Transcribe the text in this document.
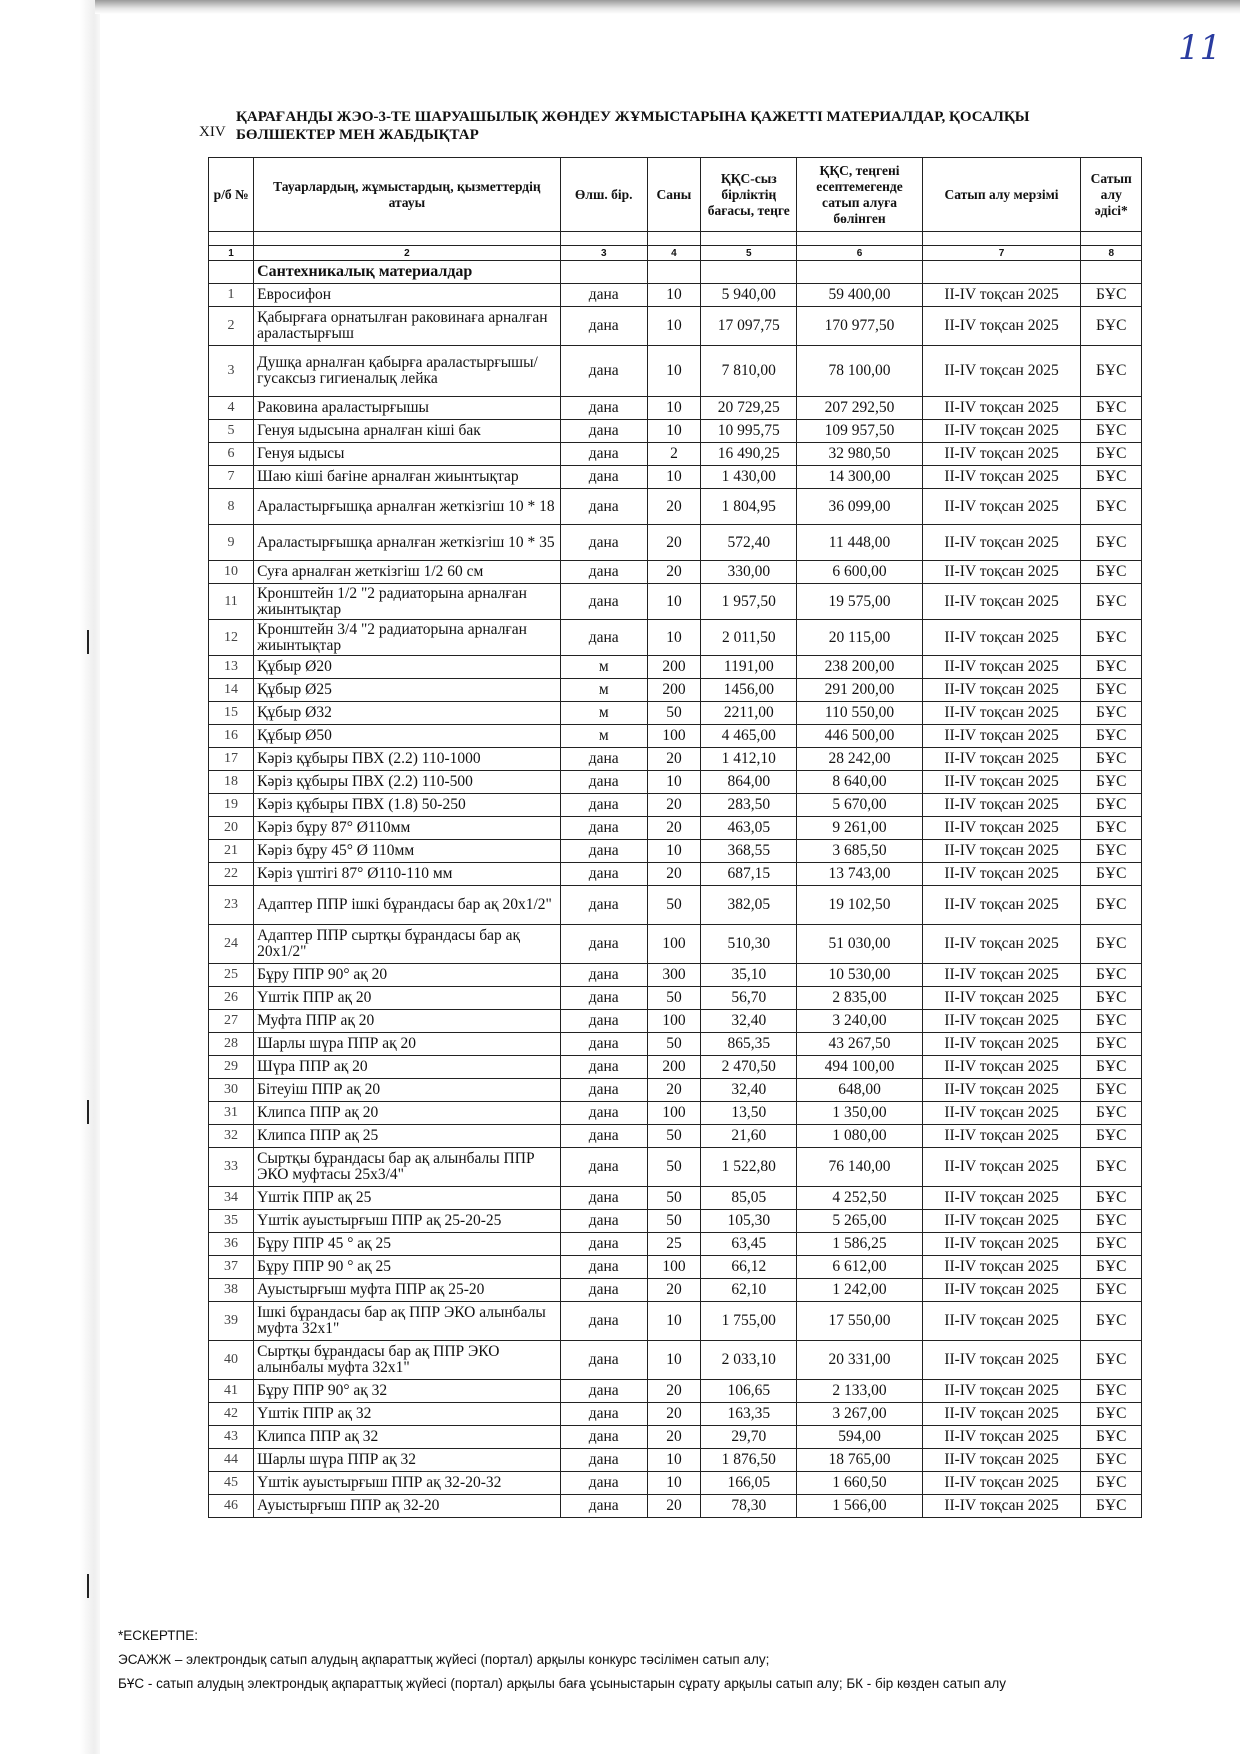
11
XIV
ҚАРАҒАНДЫ ЖЭО-3-ТЕ ШАРУАШЫЛЫҚ ЖӨНДЕУ ЖҰМЫСТАРЫНА ҚАЖЕТТІ МАТЕРИАЛДАР, ҚОСАЛҚЫ
БӨЛШЕКТЕР МЕН ЖАБДЫҚТАР
р/б №	Тауарлардың, жұмыстардың, қызметтердің атауы	Өлш. бір.	Саны	ҚҚС-сыз бірліктің бағасы, теңге	ҚҚС, теңгені есептемегенде сатып алуға бөлінген	Сатып алу мерзімі	Сатып алу әдісі*

1	2	3	4	5	6	7	8
	Сантехникалық материалдар						
1	Евросифон	дана	10	5 940,00	59 400,00	II-IV тоқсан 2025	БҰС
2	Қабырғаға орнатылған раковинаға арналған араластырғыш	дана	10	17 097,75	170 977,50	II-IV тоқсан 2025	БҰС
3	Душқа арналған қабырға араластырғышы/гусаксыз гигиеналық лейка	дана	10	7 810,00	78 100,00	II-IV тоқсан 2025	БҰС
4	Раковина араластырғышы	дана	10	20 729,25	207 292,50	II-IV тоқсан 2025	БҰС
5	Генуя ыдысына арналған кіші бак	дана	10	10 995,75	109 957,50	II-IV тоқсан 2025	БҰС
6	Генуя ыдысы	дана	2	16 490,25	32 980,50	II-IV тоқсан 2025	БҰС
7	Шаю кіші бағіне арналған жиынтықтар	дана	10	1 430,00	14 300,00	II-IV тоқсан 2025	БҰС
8	Араластырғышқа арналған жеткізгіш 10 * 18	дана	20	1 804,95	36 099,00	II-IV тоқсан 2025	БҰС
9	Араластырғышқа арналған жеткізгіш 10 * 35	дана	20	572,40	11 448,00	II-IV тоқсан 2025	БҰС
10	Суға арналған жеткізгіш 1/2 60 см	дана	20	330,00	6 600,00	II-IV тоқсан 2025	БҰС
11	Кронштейн 1/2 "2 радиаторына арналған жиынтықтар	дана	10	1 957,50	19 575,00	II-IV тоқсан 2025	БҰС
12	Кронштейн 3/4 "2 радиаторына арналған жиынтықтар	дана	10	2 011,50	20 115,00	II-IV тоқсан 2025	БҰС
13	Құбыр Ø20	м	200	1191,00	238 200,00	II-IV тоқсан 2025	БҰС
14	Құбыр Ø25	м	200	1456,00	291 200,00	II-IV тоқсан 2025	БҰС
15	Құбыр Ø32	м	50	2211,00	110 550,00	II-IV тоқсан 2025	БҰС
16	Құбыр Ø50	м	100	4 465,00	446 500,00	II-IV тоқсан 2025	БҰС
17	Кәріз құбыры ПВХ (2.2) 110-1000	дана	20	1 412,10	28 242,00	II-IV тоқсан 2025	БҰС
18	Кәріз құбыры ПВХ (2.2) 110-500	дана	10	864,00	8 640,00	II-IV тоқсан 2025	БҰС
19	Кәріз құбыры ПВХ (1.8) 50-250	дана	20	283,50	5 670,00	II-IV тоқсан 2025	БҰС
20	Кәріз бұру 87° Ø110мм	дана	20	463,05	9 261,00	II-IV тоқсан 2025	БҰС
21	Кәріз бұру 45° Ø 110мм	дана	10	368,55	3 685,50	II-IV тоқсан 2025	БҰС
22	Кәріз үштігі 87° Ø110-110 мм	дана	20	687,15	13 743,00	II-IV тоқсан 2025	БҰС
23	Адаптер ППР ішкі бұрандасы бар ақ 20х1/2"	дана	50	382,05	19 102,50	II-IV тоқсан 2025	БҰС
24	Адаптер ППР сыртқы бұрандасы бар ақ 20х1/2"	дана	100	510,30	51 030,00	II-IV тоқсан 2025	БҰС
25	Бұру ППР 90° ақ 20	дана	300	35,10	10 530,00	II-IV тоқсан 2025	БҰС
26	Үштік ППР ақ 20	дана	50	56,70	2 835,00	II-IV тоқсан 2025	БҰС
27	Муфта ППР ақ 20	дана	100	32,40	3 240,00	II-IV тоқсан 2025	БҰС
28	Шарлы шүра ППР ақ 20	дана	50	865,35	43 267,50	II-IV тоқсан 2025	БҰС
29	Шүра ППР ақ 20	дана	200	2 470,50	494 100,00	II-IV тоқсан 2025	БҰС
30	Бітеуіш ППР ақ 20	дана	20	32,40	648,00	II-IV тоқсан 2025	БҰС
31	Клипса ППР ақ 20	дана	100	13,50	1 350,00	II-IV тоқсан 2025	БҰС
32	Клипса ППР ақ 25	дана	50	21,60	1 080,00	II-IV тоқсан 2025	БҰС
33	Сыртқы бұрандасы бар ақ алынбалы ППР ЭКО муфтасы 25х3/4"	дана	50	1 522,80	76 140,00	II-IV тоқсан 2025	БҰС
34	Үштік ППР ақ 25	дана	50	85,05	4 252,50	II-IV тоқсан 2025	БҰС
35	Үштік ауыстырғыш ППР ақ 25-20-25	дана	50	105,30	5 265,00	II-IV тоқсан 2025	БҰС
36	Бұру ППР 45 ° ақ 25	дана	25	63,45	1 586,25	II-IV тоқсан 2025	БҰС
37	Бұру ППР 90 ° ақ 25	дана	100	66,12	6 612,00	II-IV тоқсан 2025	БҰС
38	Ауыстырғыш муфта ППР ақ 25-20	дана	20	62,10	1 242,00	II-IV тоқсан 2025	БҰС
39	Ішкі бұрандасы бар ақ ППР ЭКО алынбалы муфта 32х1"	дана	10	1 755,00	17 550,00	II-IV тоқсан 2025	БҰС
40	Сыртқы бұрандасы бар ақ ППР ЭКО алынбалы муфта 32х1"	дана	10	2 033,10	20 331,00	II-IV тоқсан 2025	БҰС
41	Бұру ППР 90° ақ 32	дана	20	106,65	2 133,00	II-IV тоқсан 2025	БҰС
42	Үштік ППР ақ 32	дана	20	163,35	3 267,00	II-IV тоқсан 2025	БҰС
43	Клипса ППР ақ 32	дана	20	29,70	594,00	II-IV тоқсан 2025	БҰС
44	Шарлы шүра ППР ақ 32	дана	10	1 876,50	18 765,00	II-IV тоқсан 2025	БҰС
45	Үштік ауыстырғыш ППР ақ 32-20-32	дана	10	166,05	1 660,50	II-IV тоқсан 2025	БҰС
46	Ауыстырғыш ППР ақ 32-20	дана	20	78,30	1 566,00	II-IV тоқсан 2025	БҰС
*ЕСКЕРТПЕ:
ЭСАЖЖ – электрондық сатып алудың ақпараттық жүйесі (портал) арқылы конкурс тәсілімен сатып алу;
БҰС - сатып алудың электрондық ақпараттық жүйесі (портал) арқылы баға ұсыныстарын сұрату арқылы сатып алу; БК - бір көзден сатып алу
